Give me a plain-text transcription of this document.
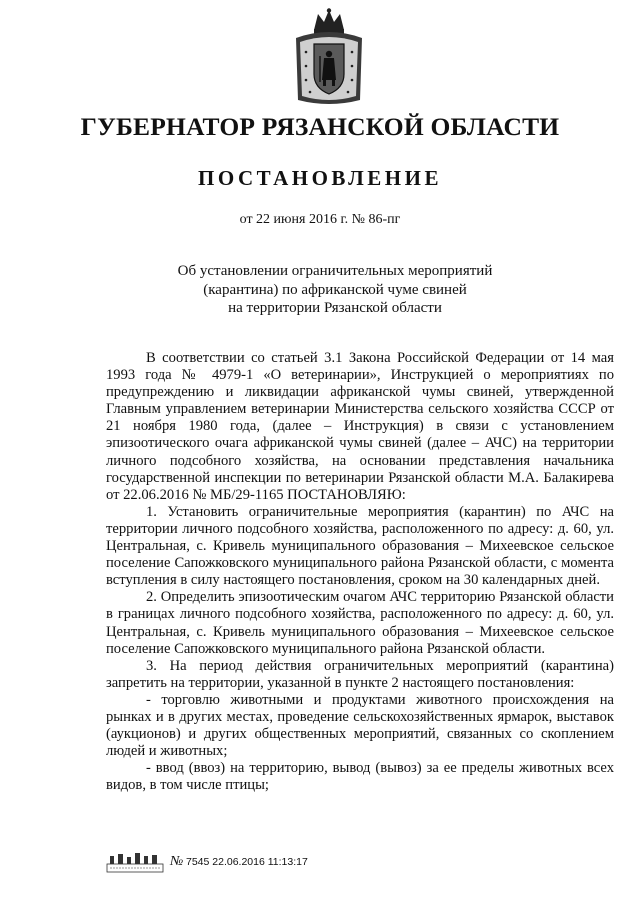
ГУБЕРНАТОР РЯЗАНСКОЙ ОБЛАСТИ
ПОСТАНОВЛЕНИЕ
от 22 июня 2016 г. № 86-пг
Об установлении ограничительных мероприятий
(карантина) по африканской чуме свиней
на территории Рязанской области

В соответствии со статьей 3.1 Закона Российской Федерации от 14 мая 1993 года № 4979-1 «О ветеринарии», Инструкцией о мероприятиях по предупреждению и ликвидации африканской чумы свиней, утвержденной Главным управлением ветеринарии Министерства сельского хозяйства СССР от 21 ноября 1980 года, (далее – Инструкция) в связи с установлением эпизоотического очага африканской чумы свиней (далее – АЧС) на территории личного подсобного хозяйства, на основании представления начальника государственной инспекции по ветеринарии Рязанской области М.А. Балакирева от 22.06.2016 № МБ/29-1165 ПОСТАНОВЛЯЮ:

1. Установить ограничительные мероприятия (карантин) по АЧС на территории личного подсобного хозяйства, расположенного по адресу: д. 60, ул. Центральная, с. Кривель муниципального образования – Михеевское сельское поселение Сапожковского муниципального района Рязанской области, с момента вступления в силу настоящего постановления, сроком на 30 календарных дней.

2. Определить эпизоотическим очагом АЧС территорию Рязанской области в границах личного подсобного хозяйства, расположенного по адресу: д. 60, ул. Центральная, с. Кривель муниципального образования – Михеевское сельское поселение Сапожковского муниципального района Рязанской области.

3. На период действия ограничительных мероприятий (карантина) запретить на территории, указанной в пункте 2 настоящего постановления:

- торговлю животными и продуктами животного происхождения на рынках и в других местах, проведение сельскохозяйственных ярмарок, выставок (аукционов) и других общественных мероприятий, связанных со скоплением людей и животных;

- ввод (ввоз) на территорию, вывод (вывоз) за ее пределы животных всех видов, в том числе птицы;

№ 7545 22.06.2016 11:13:17
